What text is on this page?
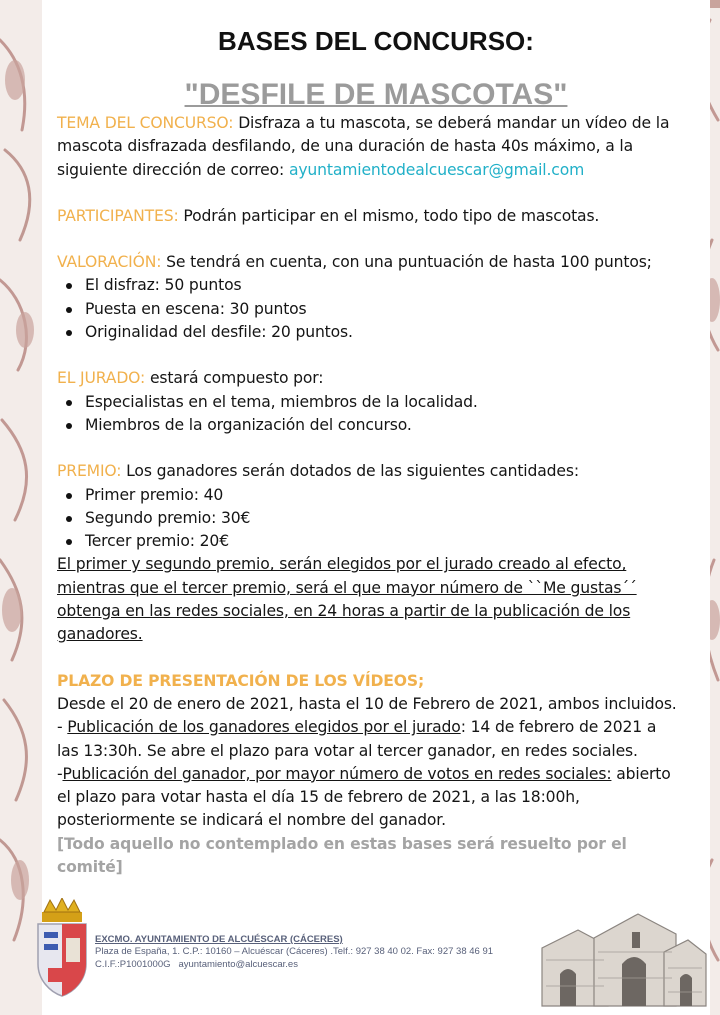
BASES DEL CONCURSO:
"DESFILE DE MASCOTAS"

TEMA DEL CONCURSO: Disfraza a tu mascota, se deberá mandar un vídeo de la mascota disfrazada desfilando, de una duración de hasta 40s máximo, a la siguiente dirección de correo: ayuntamientodealcuescar@gmail.com

PARTICIPANTES: Podrán participar en el mismo, todo tipo de mascotas.

VALORACIÓN: Se tendrá en cuenta, con una puntuación de hasta 100 puntos;

El disfraz: 50 puntos
Puesta en escena: 30 puntos
Originalidad del desfile: 20 puntos.

EL JURADO: estará compuesto por:

Especialistas en el tema, miembros de la localidad.
Miembros de la organización del concurso.

PREMIO: Los ganadores serán dotados de las siguientes cantidades:

Primer premio: 40
Segundo premio: 30€
Tercer premio: 20€

El primer y segundo premio, serán elegidos por el jurado creado al efecto, mientras que el tercer premio, será el que mayor número de ``Me gustas´´ obtenga en las redes sociales, en 24 horas a partir de la publicación de los ganadores.

PLAZO DE PRESENTACIÓN DE LOS VÍDEOS;

Desde el 20 de enero de 2021, hasta el 10 de Febrero de 2021, ambos incluidos.

- Publicación de los ganadores elegidos por el jurado: 14 de febrero de 2021 a las 13:30h. Se abre el plazo para votar al tercer ganador, en redes sociales.

-Publicación del ganador, por mayor número de votos en redes sociales: abierto el plazo para votar hasta el día 15 de febrero de 2021, a las 18:00h, posteriormente se indicará el nombre del ganador.

[Todo aquello no contemplado en estas bases será resuelto por el comité]

EXCMO. AYUNTAMIENTO DE ALCUÉSCAR (CÁCERES)
Plaza de España, 1. C.P.: 10160 – Alcuéscar (Cáceres) .Telf.: 927 38 40 02. Fax: 927 38 46 91
C.I.F.:P1001000G ayuntamiento@alcuescar.es
